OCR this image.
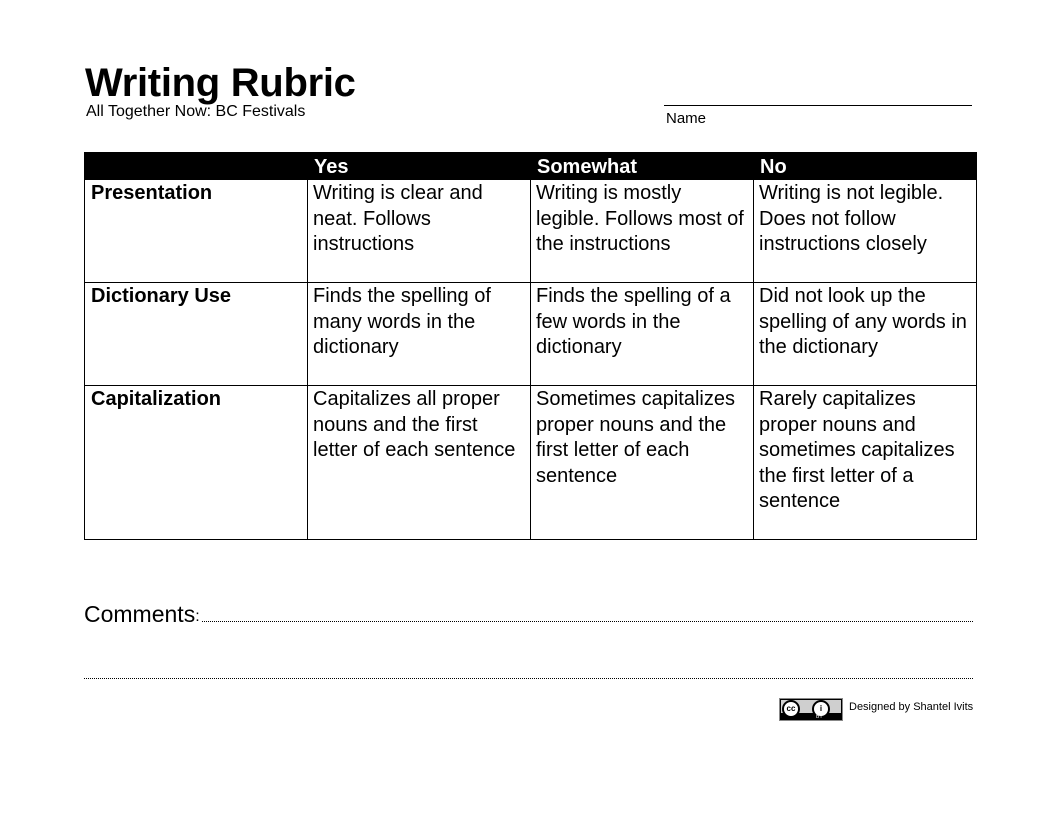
Writing Rubric
All Together Now: BC Festivals	Name
	Yes	Somewhat	No
Presentation	Writing is clear and neat. Follows instructions	Writing is mostly legible. Follows most of the instructions	Writing is not legible. Does not follow instructions closely
Dictionary Use	Finds the spelling of many words in the dictionary	Finds the spelling of a few words in the dictionary	Did not look up the spelling of any words in the dictionary
Capitalization	Capitalizes all proper nouns and the first letter of each sentence	Sometimes capitalizes proper nouns and the first letter of each sentence	Rarely capitalizes proper nouns and sometimes capitalizes the first letter of a sentence
Comments :
cc	i
BY
Designed by Shantel Ivits
